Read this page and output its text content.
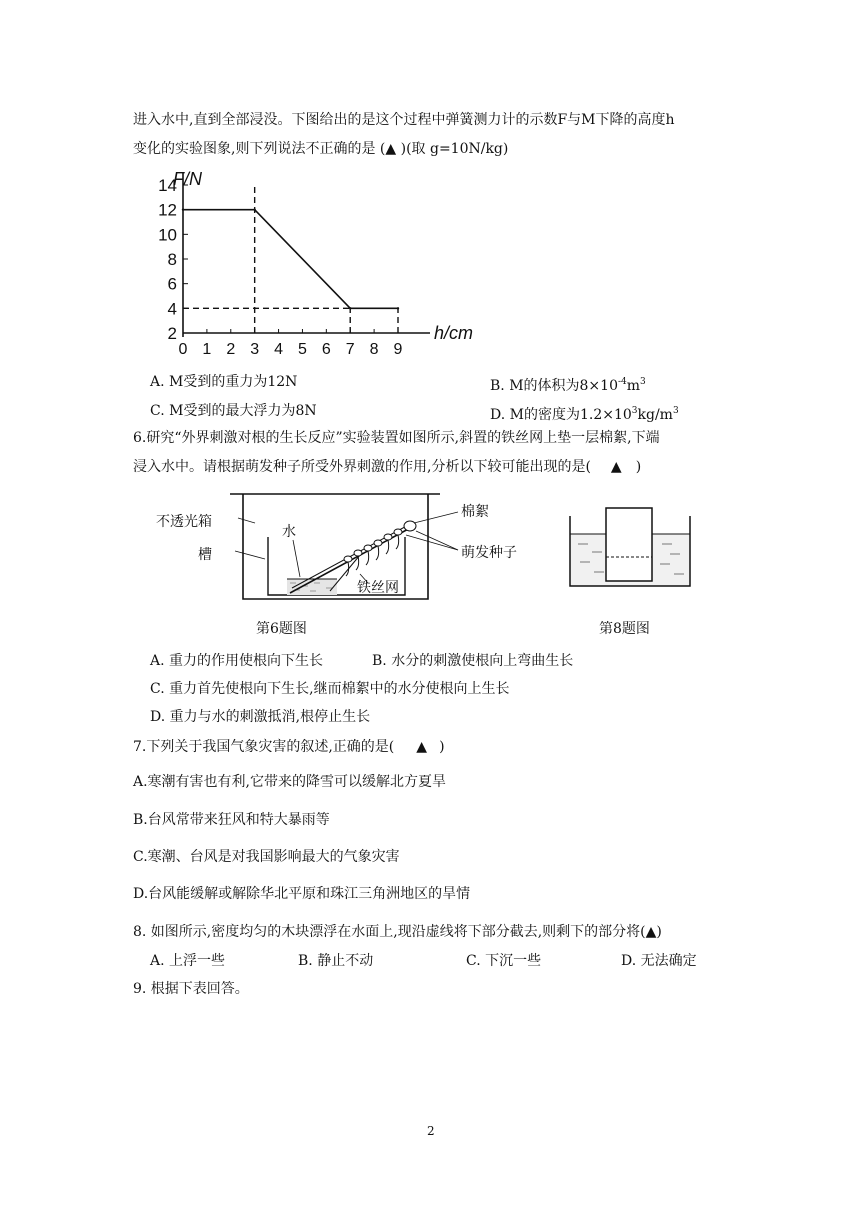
进入水中,直到全部浸没。下图给出的是这个过程中弹簧测力计的示数F与M下降的高度h
变化的实验图象,则下列说法不正确的是 (▲ )(取 g=10N/kg)
2
4
6
8
10
12
14
0 1 2 3 4 5 6 7 8 9
F/N
h/cm
A. M受到的重力为12N	B. M的体积为$8\times 10^{-4}m^3$
C. M受到的最大浮力为8N	D. M的密度为$1.2\times 10^3kg/m^3$
6.研究“外界刺激对根的生长反应”实验装置如图所示,斜置的铁丝网上垫一层棉絮,下端
浸入水中。请根据萌发种子所受外界刺激的作用,分析以下较可能出现的是( ▲ )
不透光箱
槽
水
棉絮
萌发种子
铁丝网
第6题图	第8题图
A. 重力的作用使根向下生长	B. 水分的刺激使根向上弯曲生长
C. 重力首先使根向下生长,继而棉絮中的水分使根向上生长
D. 重力与水的刺激抵消,根停止生长
7.下列关于我国气象灾害的叙述,正确的是( ▲ )
A.寒潮有害也有利,它带来的降雪可以缓解北方夏旱
B.台风常带来狂风和特大暴雨等
C.寒潮、台风是对我国影响最大的气象灾害
D.台风能缓解或解除华北平原和珠江三角洲地区的旱情
8. 如图所示,密度均匀的木块漂浮在水面上,现沿虚线将下部分截去,则剩下的部分将(▲)
A. 上浮一些	B. 静止不动	C. 下沉一些	D. 无法确定
9. 根据下表回答。
2
